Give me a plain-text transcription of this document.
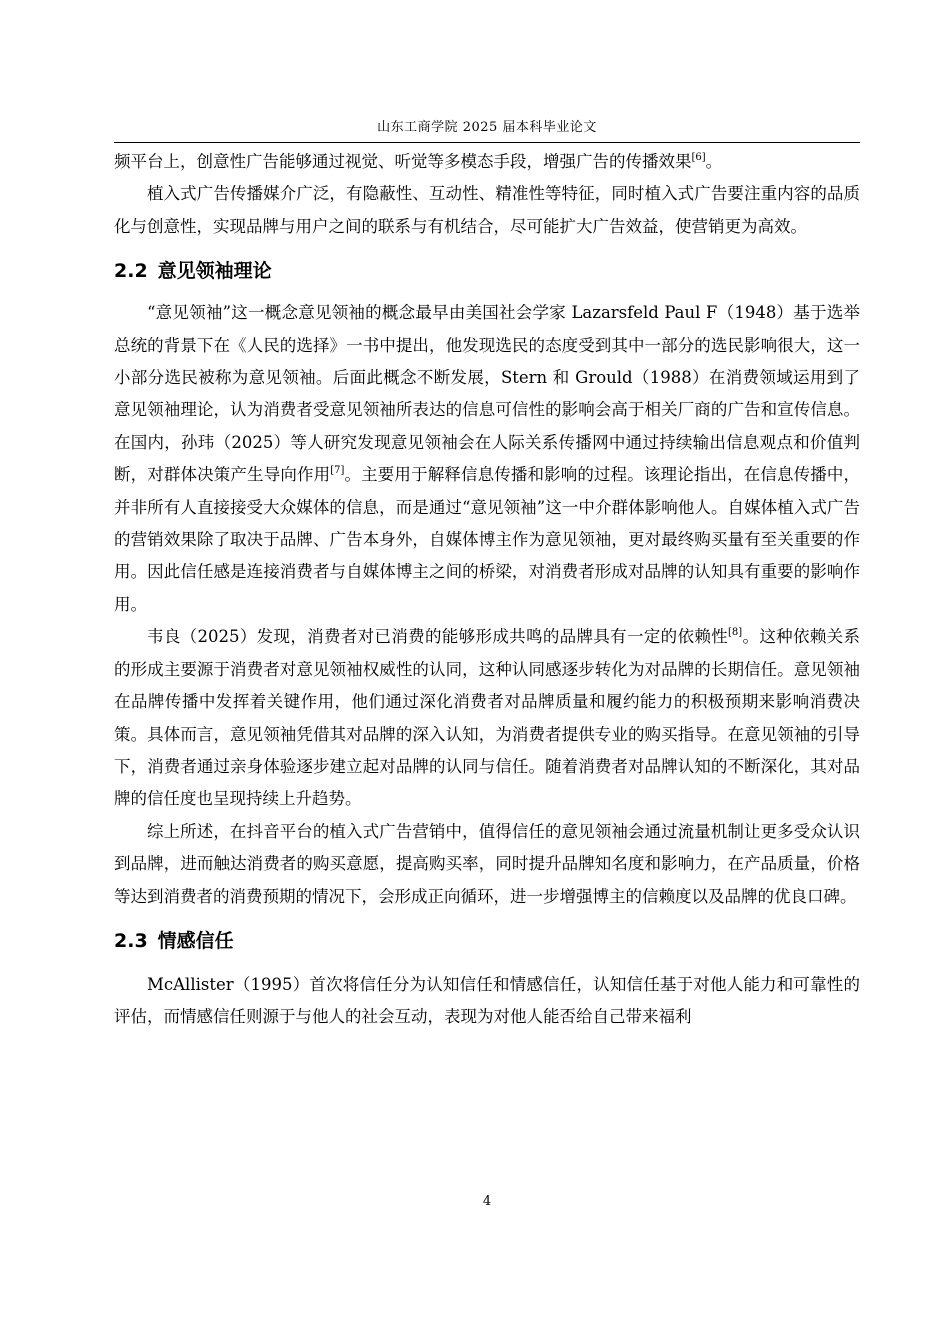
山东工商学院 2025 届本科毕业论文

频平台上，创意性广告能够通过视觉、听觉等多模态手段，增强广告的传播效果[6]。

植入式广告传播媒介广泛，有隐蔽性、互动性、精准性等特征，同时植入式广告要注重内容的品质化与创意性，实现品牌与用户之间的联系与有机结合，尽可能扩大广告效益，使营销更为高效。

2.2 意见领袖理论

“意见领袖”这一概念意见领袖的概念最早由美国社会学家 Lazarsfeld Paul F（1948）基于选举总统的背景下在《人民的选择》一书中提出，他发现选民的态度受到其中一部分的选民影响很大，这一小部分选民被称为意见领袖。后面此概念不断发展，Stern 和 Grould（1988）在消费领域运用到了意见领袖理论，认为消费者受意见领袖所表达的信息可信性的影响会高于相关厂商的广告和宣传信息。在国内，孙玮（2025）等人研究发现意见领袖会在人际关系传播网中通过持续输出信息观点和价值判断，对群体决策产生导向作用[7]。主要用于解释信息传播和影响的过程。该理论指出，在信息传播中，并非所有人直接接受大众媒体的信息，而是通过“意见领袖”这一中介群体影响他人。自媒体植入式广告的营销效果除了取决于品牌、广告本身外，自媒体博主作为意见领袖，更对最终购买量有至关重要的作用。因此信任感是连接消费者与自媒体博主之间的桥梁，对消费者形成对品牌的认知具有重要的影响作用。

韦良（2025）发现，消费者对已消费的能够形成共鸣的品牌具有一定的依赖性[8]。这种依赖关系的形成主要源于消费者对意见领袖权威性的认同，这种认同感逐步转化为对品牌的长期信任。意见领袖在品牌传播中发挥着关键作用，他们通过深化消费者对品牌质量和履约能力的积极预期来影响消费决策。具体而言，意见领袖凭借其对品牌的深入认知，为消费者提供专业的购买指导。在意见领袖的引导下，消费者通过亲身体验逐步建立起对品牌的认同与信任。随着消费者对品牌认知的不断深化，其对品牌的信任度也呈现持续上升趋势。

综上所述，在抖音平台的植入式广告营销中，值得信任的意见领袖会通过流量机制让更多受众认识到品牌，进而触达消费者的购买意愿，提高购买率，同时提升品牌知名度和影响力，在产品质量，价格等达到消费者的消费预期的情况下，会形成正向循环，进一步增强博主的信赖度以及品牌的优良口碑。

2.3 情感信任

McAllister（1995）首次将信任分为认知信任和情感信任，认知信任基于对他人能力和可靠性的评估，而情感信任则源于与他人的社会互动，表现为对他人能否给自己带来福利

4
